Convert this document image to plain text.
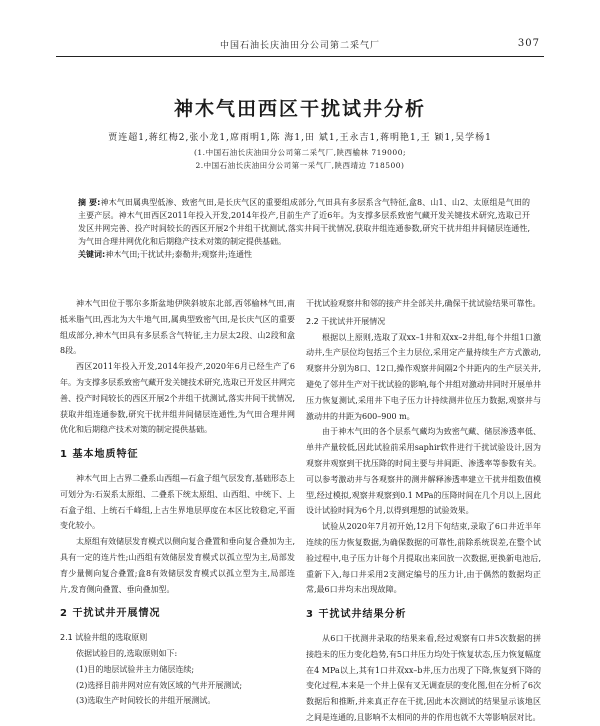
中国石油长庆油田分公司第二采气厂	307
神木气田西区干扰试井分析
贾连超1,蒋红梅2,张小龙1,席雨明1,陈 海1,田 斌1,王永吉1,蒋明艳1,王 颖1,吴学杨1
(1.中国石油长庆油田分公司第二采气厂,陕西榆林 719000;
2.中国石油长庆油田分公司第一采气厂,陕西靖边 718500)

摘 要:神木气田属典型低渗、致密气田,是长庆气区的重要组成部分,气田具有多层系含气特征,盒8、山1、山2、太原组是气田的主要产层。神木气田西区2011年投入开发,2014年投产,目前生产了近6年。为支撑多层系致密气藏开发关键技术研究,选取已开发区井网完善、投产时间较长的西区开展2个井组干扰测试,落实井间干扰情况,获取井组连通参数,研究干扰井组井间储层连通性,为气田合理井网优化和后期稳产技术对策的制定提供基础。

关键词:神木气田;干扰试井;泰勒井;观察井;连通性

神木气田位于鄂尔多斯盆地伊陕斜坡东北部,西邻榆林气田,南抵米脂气田,西北为大牛地气田,属典型致密气田,是长庆气区的重要组成部分,神木气田具有多层系含气特征,主力层太2段、山2段和盒8段。

西区2011年投入开发,2014年投产,2020年6月已经生产了6年。为支撑多层系致密气藏开发关键技术研究,选取已开发区井网完善、投产时间较长的西区开展2个井组干扰测试,落实井间干扰情况,获取井组连通参数,研究干扰井组井间储层连通性,为气田合理井网优化和后期稳产技术对策的制定提供基础。

1 基本地质特征

神木气田上古界二叠系山西组—石盒子组气层发育,基础形态上可划分为:石炭系太原组、二叠系下统太原组、山西组、中统下、上石盒子组、上统石千峰组,上古生界地层厚度在本区比较稳定,平面变化较小。

太原组有效储层发育模式以侧向复合叠置和垂向复合叠加为主,具有一定的连片性;山西组有效储层发育模式以孤立型为主,局部发育少量侧向复合叠置;盒8有效储层发育模式以孤立型为主,局部连片,发育侧向叠置、垂向叠加型。

2 干扰试井开展情况
2.1 试验井组的选取原则

依据试验目的,选取原则如下:

(1)目的地层试验井主力储层连续;

(2)选择目前井网对应有效区域的气井开展测试;

(3)选取生产时间较长的井组开展测试。

干扰试验观察井和邻的接产井全部关井,确保干扰试验结果可靠性。

2.2 干扰试井开展情况

根据以上原则,选取了双xx–1井和双xx–2井组,每个井组1口激动井,生产层位均包括三个主力层位,采用定产量持续生产方式激动,观察井分别为8口、12口,操作观察井间隔2个井距内的生产层关井,避免了邻井生产对干扰试验的影响,每个井组对激动井同时开展单井压力恢复测试,采用井下电子压力计持续测井位压力数据,观察井与激动井的井距为600–900 m。

由于神木气田的各个层系气藏均为致密气藏、储层渗透率低、单井产量较低,因此试验前采用saphir软件进行干扰试验设计,因为观察井观察到干扰压降的时间主要与井间距、渗透率等参数有关。可以参考激动井与各观察井的测井解释渗透率建立干扰井组数值模型,经过模拟,观察井观察到0.1 MPa的压降时间在几个月以上,因此设计试验时间为6个月,以得到理想的试验效果。

试验从2020年7月初开始,12月下旬结束,录取了6口井近半年连续的压力恢复数据,为确保数据的可靠性,前除系统误差,在整个试验过程中,电子压力计每个月提取出来回放一次数据,更换新电池后,重新下入,每口井采用2支测定编号的压力计,由于偶然的数据均正常,最6口井均未出现故障。

3 干扰试井结果分析

从6口干扰测井录取的结果来看,经过观察有口井5次数据的拼接趋未的压力变化趋势,有5口井压力均处于恢复状态,压力恢复幅度在4 MPa以上,其有1口井双xx–b井,压力出现了下降,恢复到下降的变化过程,本来是一个井上保有叉无调查层的变化图,但在分析了6次数据后和推断,并来真正存在干扰,因此本次测试的结果显示该地区之间是连通的,且影响不太相同的井的作用也就不大等影响层对比。
